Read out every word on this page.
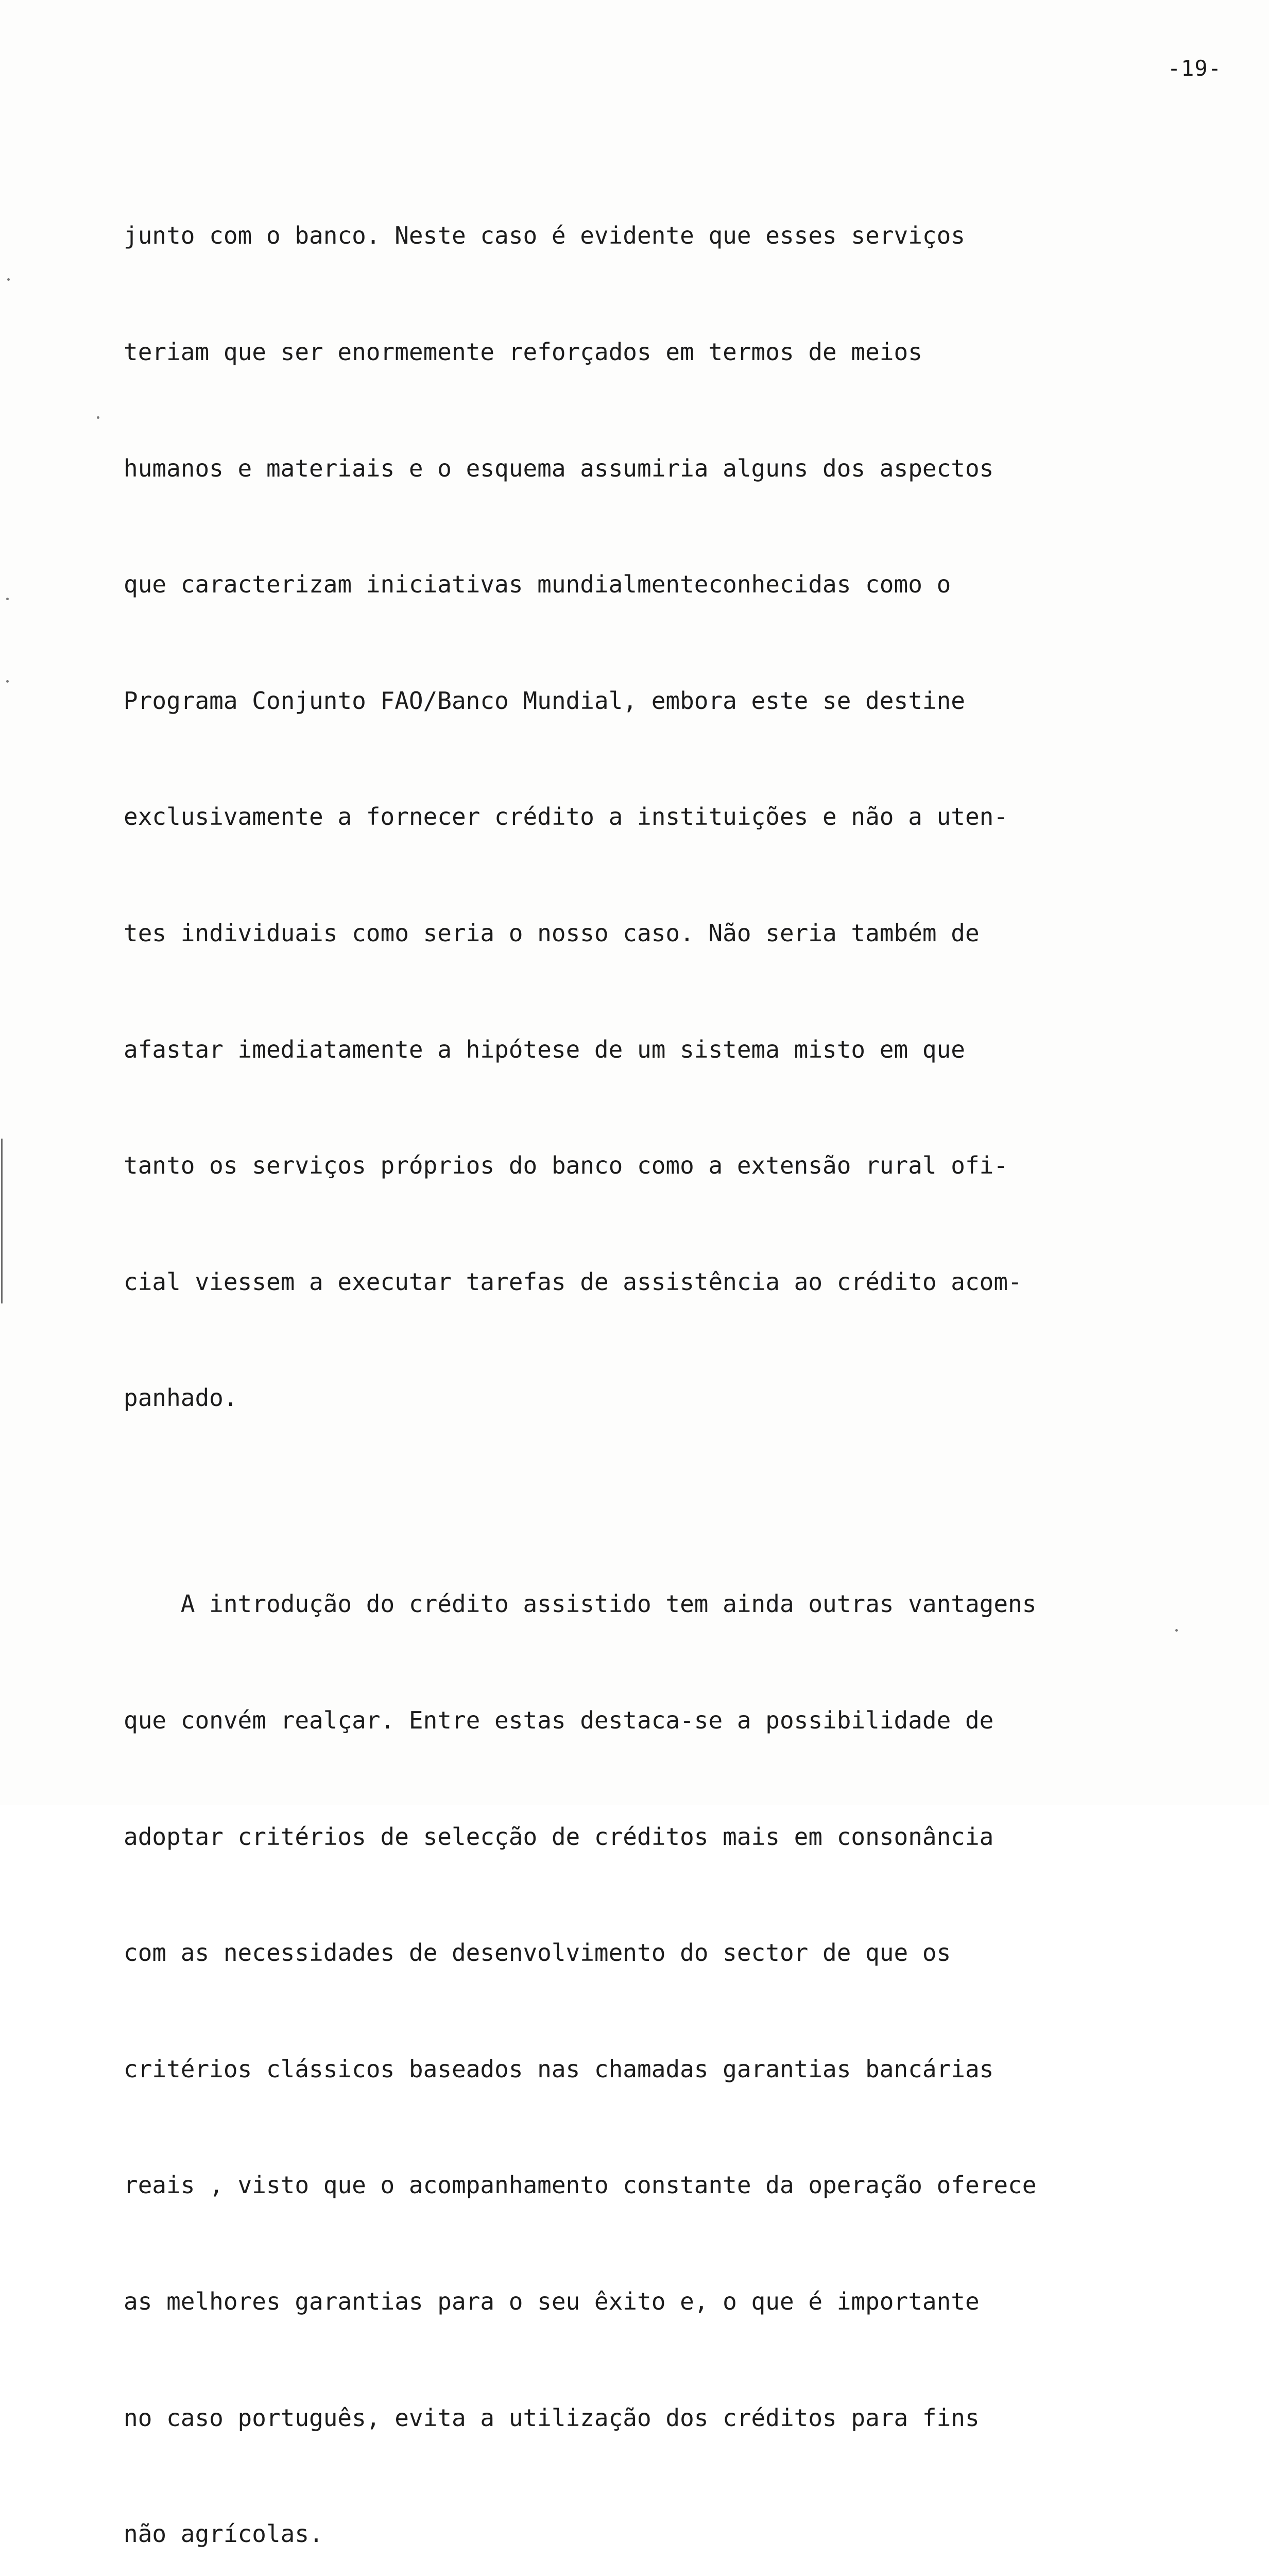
-19-

junto com o banco. Neste caso é evidente que esses serviços

teriam que ser enormemente reforçados em termos de meios

humanos e materiais e o esquema assumiria alguns dos aspectos

que caracterizam iniciativas mundialmenteconhecidas como o

Programa Conjunto FAO/Banco Mundial, embora este se destine

exclusivamente a fornecer crédito a instituições e não a uten-

tes individuais como seria o nosso caso. Não seria também de

afastar imediatamente a hipótese de um sistema misto em que

tanto os serviços próprios do banco como a extensão rural ofi-

cial viessem a executar tarefas de assistência ao crédito acom-

panhado.

A introdução do crédito assistido tem ainda outras vantagens

que convém realçar. Entre estas destaca-se a possibilidade de

adoptar critérios de selecção de créditos mais em consonância

com as necessidades de desenvolvimento do sector de que os

critérios clássicos baseados nas chamadas garantias bancárias

reais , visto que o acompanhamento constante da operação oferece

as melhores garantias para o seu êxito e, o que é importante

no caso português, evita a utilização dos créditos para fins

não agrícolas.
